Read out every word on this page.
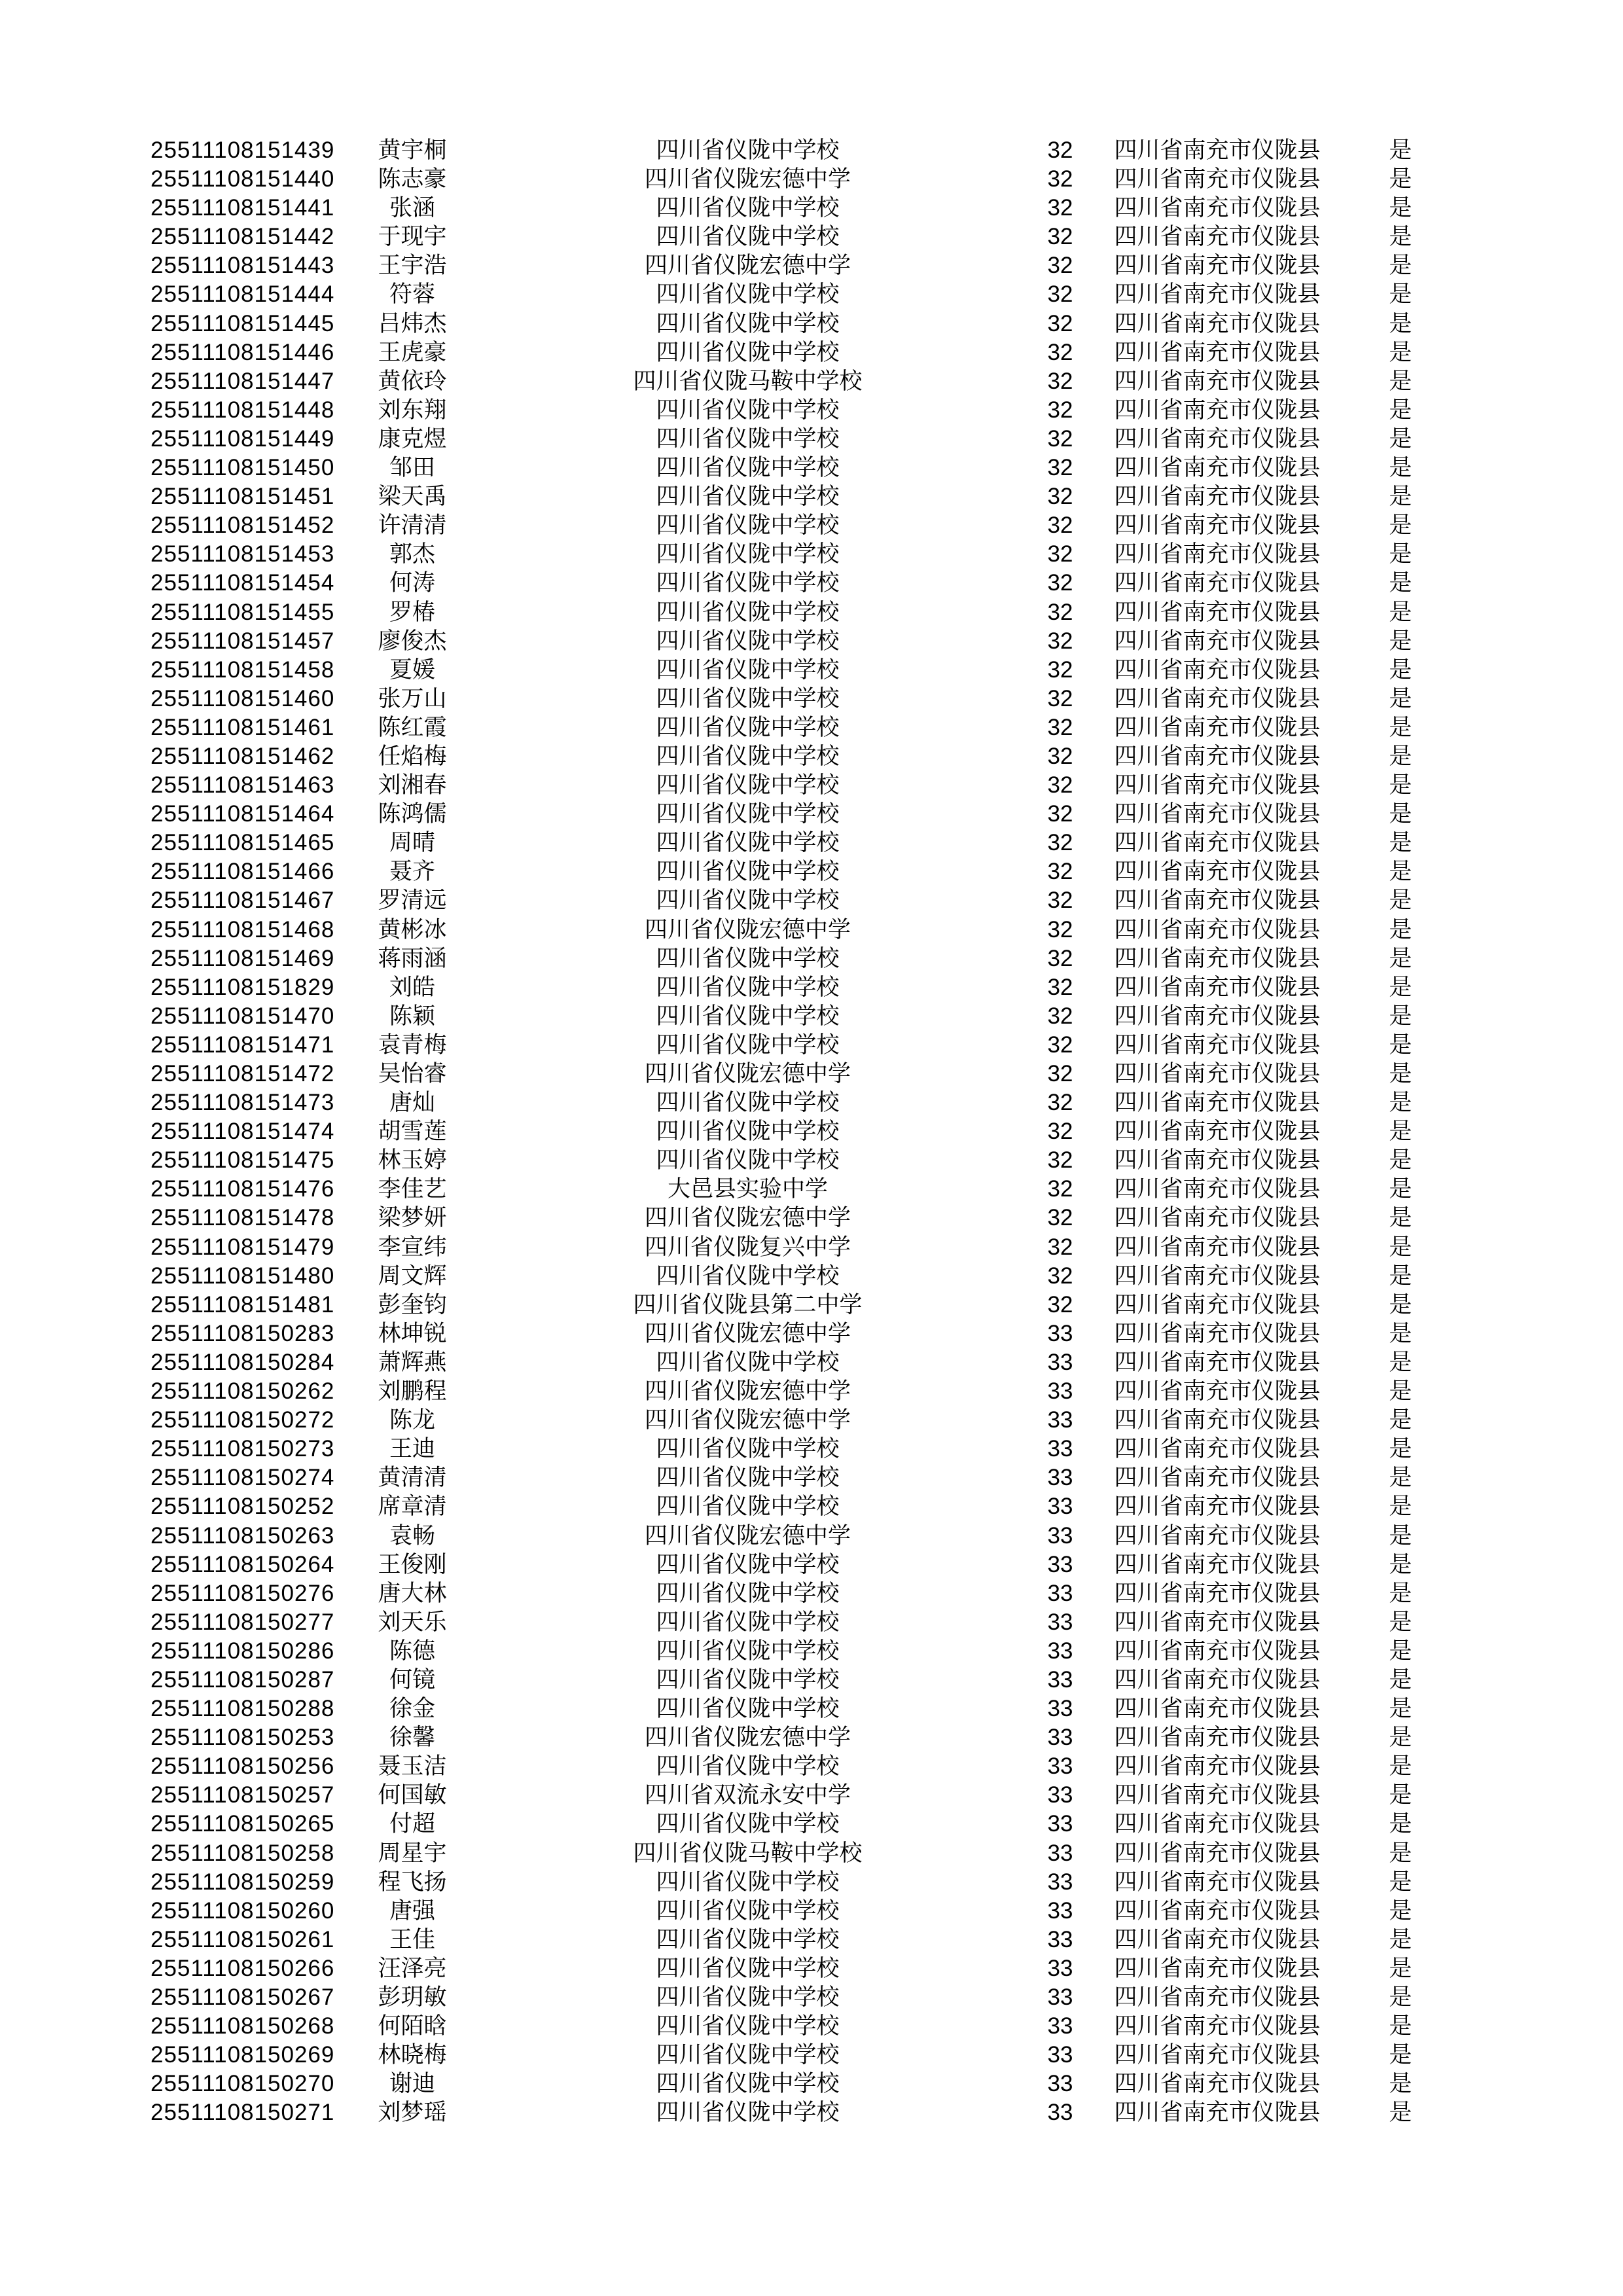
25511108151439	黄宇桐	四川省仪陇中学校	32	四川省南充市仪陇县	是
25511108151440	陈志豪	四川省仪陇宏德中学	32	四川省南充市仪陇县	是
25511108151441	张涵	四川省仪陇中学校	32	四川省南充市仪陇县	是
25511108151442	于现宇	四川省仪陇中学校	32	四川省南充市仪陇县	是
25511108151443	王宇浩	四川省仪陇宏德中学	32	四川省南充市仪陇县	是
25511108151444	符蓉	四川省仪陇中学校	32	四川省南充市仪陇县	是
25511108151445	吕炜杰	四川省仪陇中学校	32	四川省南充市仪陇县	是
25511108151446	王虎豪	四川省仪陇中学校	32	四川省南充市仪陇县	是
25511108151447	黄依玲	四川省仪陇马鞍中学校	32	四川省南充市仪陇县	是
25511108151448	刘东翔	四川省仪陇中学校	32	四川省南充市仪陇县	是
25511108151449	康克煜	四川省仪陇中学校	32	四川省南充市仪陇县	是
25511108151450	邹田	四川省仪陇中学校	32	四川省南充市仪陇县	是
25511108151451	梁天禹	四川省仪陇中学校	32	四川省南充市仪陇县	是
25511108151452	许清清	四川省仪陇中学校	32	四川省南充市仪陇县	是
25511108151453	郭杰	四川省仪陇中学校	32	四川省南充市仪陇县	是
25511108151454	何涛	四川省仪陇中学校	32	四川省南充市仪陇县	是
25511108151455	罗椿	四川省仪陇中学校	32	四川省南充市仪陇县	是
25511108151457	廖俊杰	四川省仪陇中学校	32	四川省南充市仪陇县	是
25511108151458	夏媛	四川省仪陇中学校	32	四川省南充市仪陇县	是
25511108151460	张万山	四川省仪陇中学校	32	四川省南充市仪陇县	是
25511108151461	陈红霞	四川省仪陇中学校	32	四川省南充市仪陇县	是
25511108151462	任焰梅	四川省仪陇中学校	32	四川省南充市仪陇县	是
25511108151463	刘湘春	四川省仪陇中学校	32	四川省南充市仪陇县	是
25511108151464	陈鸿儒	四川省仪陇中学校	32	四川省南充市仪陇县	是
25511108151465	周晴	四川省仪陇中学校	32	四川省南充市仪陇县	是
25511108151466	聂齐	四川省仪陇中学校	32	四川省南充市仪陇县	是
25511108151467	罗清远	四川省仪陇中学校	32	四川省南充市仪陇县	是
25511108151468	黄彬冰	四川省仪陇宏德中学	32	四川省南充市仪陇县	是
25511108151469	蒋雨涵	四川省仪陇中学校	32	四川省南充市仪陇县	是
25511108151829	刘皓	四川省仪陇中学校	32	四川省南充市仪陇县	是
25511108151470	陈颖	四川省仪陇中学校	32	四川省南充市仪陇县	是
25511108151471	袁青梅	四川省仪陇中学校	32	四川省南充市仪陇县	是
25511108151472	吴怡睿	四川省仪陇宏德中学	32	四川省南充市仪陇县	是
25511108151473	唐灿	四川省仪陇中学校	32	四川省南充市仪陇县	是
25511108151474	胡雪莲	四川省仪陇中学校	32	四川省南充市仪陇县	是
25511108151475	林玉婷	四川省仪陇中学校	32	四川省南充市仪陇县	是
25511108151476	李佳艺	大邑县实验中学	32	四川省南充市仪陇县	是
25511108151478	梁梦妍	四川省仪陇宏德中学	32	四川省南充市仪陇县	是
25511108151479	李宣纬	四川省仪陇复兴中学	32	四川省南充市仪陇县	是
25511108151480	周文辉	四川省仪陇中学校	32	四川省南充市仪陇县	是
25511108151481	彭奎钧	四川省仪陇县第二中学	32	四川省南充市仪陇县	是
25511108150283	林坤锐	四川省仪陇宏德中学	33	四川省南充市仪陇县	是
25511108150284	萧辉燕	四川省仪陇中学校	33	四川省南充市仪陇县	是
25511108150262	刘鹏程	四川省仪陇宏德中学	33	四川省南充市仪陇县	是
25511108150272	陈龙	四川省仪陇宏德中学	33	四川省南充市仪陇县	是
25511108150273	王迪	四川省仪陇中学校	33	四川省南充市仪陇县	是
25511108150274	黄清清	四川省仪陇中学校	33	四川省南充市仪陇县	是
25511108150252	席章清	四川省仪陇中学校	33	四川省南充市仪陇县	是
25511108150263	袁畅	四川省仪陇宏德中学	33	四川省南充市仪陇县	是
25511108150264	王俊刚	四川省仪陇中学校	33	四川省南充市仪陇县	是
25511108150276	唐大林	四川省仪陇中学校	33	四川省南充市仪陇县	是
25511108150277	刘天乐	四川省仪陇中学校	33	四川省南充市仪陇县	是
25511108150286	陈德	四川省仪陇中学校	33	四川省南充市仪陇县	是
25511108150287	何镜	四川省仪陇中学校	33	四川省南充市仪陇县	是
25511108150288	徐金	四川省仪陇中学校	33	四川省南充市仪陇县	是
25511108150253	徐馨	四川省仪陇宏德中学	33	四川省南充市仪陇县	是
25511108150256	聂玉洁	四川省仪陇中学校	33	四川省南充市仪陇县	是
25511108150257	何国敏	四川省双流永安中学	33	四川省南充市仪陇县	是
25511108150265	付超	四川省仪陇中学校	33	四川省南充市仪陇县	是
25511108150258	周星宇	四川省仪陇马鞍中学校	33	四川省南充市仪陇县	是
25511108150259	程飞扬	四川省仪陇中学校	33	四川省南充市仪陇县	是
25511108150260	唐强	四川省仪陇中学校	33	四川省南充市仪陇县	是
25511108150261	王佳	四川省仪陇中学校	33	四川省南充市仪陇县	是
25511108150266	汪泽亮	四川省仪陇中学校	33	四川省南充市仪陇县	是
25511108150267	彭玥敏	四川省仪陇中学校	33	四川省南充市仪陇县	是
25511108150268	何陌晗	四川省仪陇中学校	33	四川省南充市仪陇县	是
25511108150269	林晓梅	四川省仪陇中学校	33	四川省南充市仪陇县	是
25511108150270	谢迪	四川省仪陇中学校	33	四川省南充市仪陇县	是
25511108150271	刘梦瑶	四川省仪陇中学校	33	四川省南充市仪陇县	是
